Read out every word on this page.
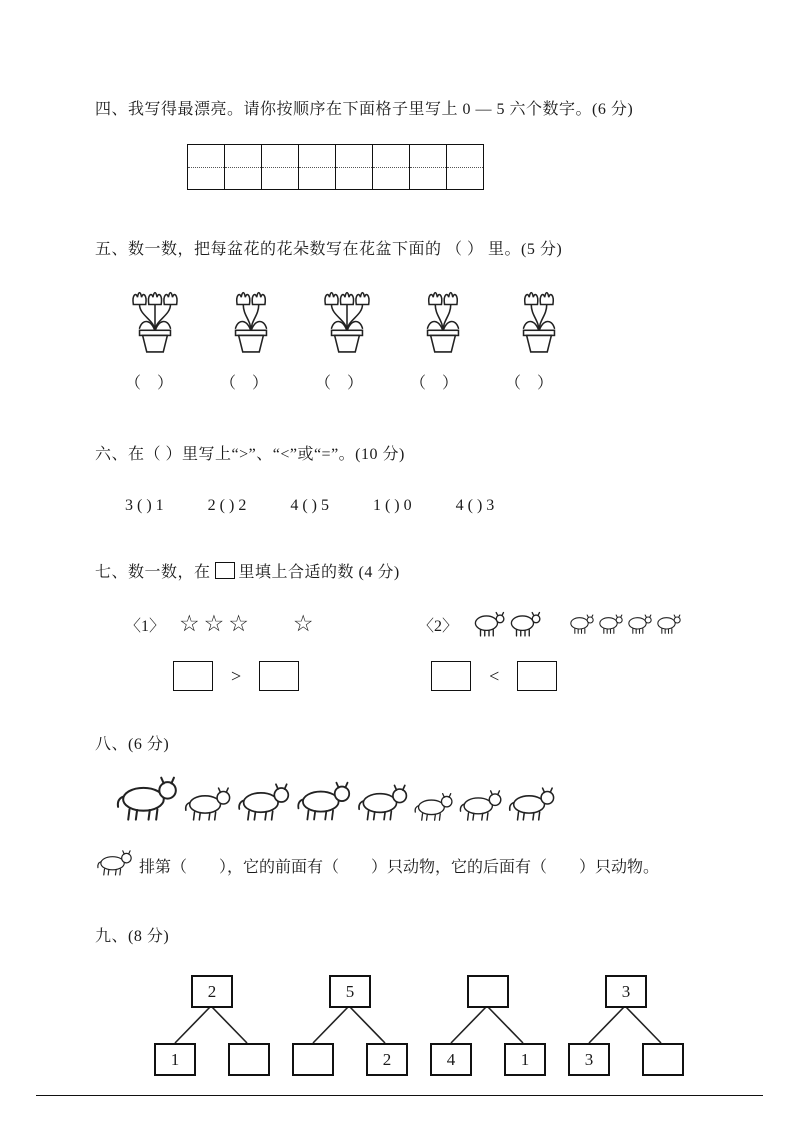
四、我写得最漂亮。请你按顺序在下面格子里写上 0 — 5 六个数字。(6 分)

五、数一数，把每盆花的花朵数写在花盆下面的 （ ） 里。(5 分)

（　）	（　）	（　）	（　）	（　）

六、在（ ）里写上“>”、“<”或“=”。(10 分)

3 ( ) 1	2 ( ) 2	4 ( ) 5	1 ( ) 0	4 ( ) 3

七、数一数，在 里填上合适的数 (4 分)

〈1〉 ☆☆☆ ☆	〈2〉
>	<

八、(6 分)

排第（　　），它的前面有（　　）只动物，它的后面有（　　）只动物。

九、(8 分)

2
1
5
2	4	1
3
3
